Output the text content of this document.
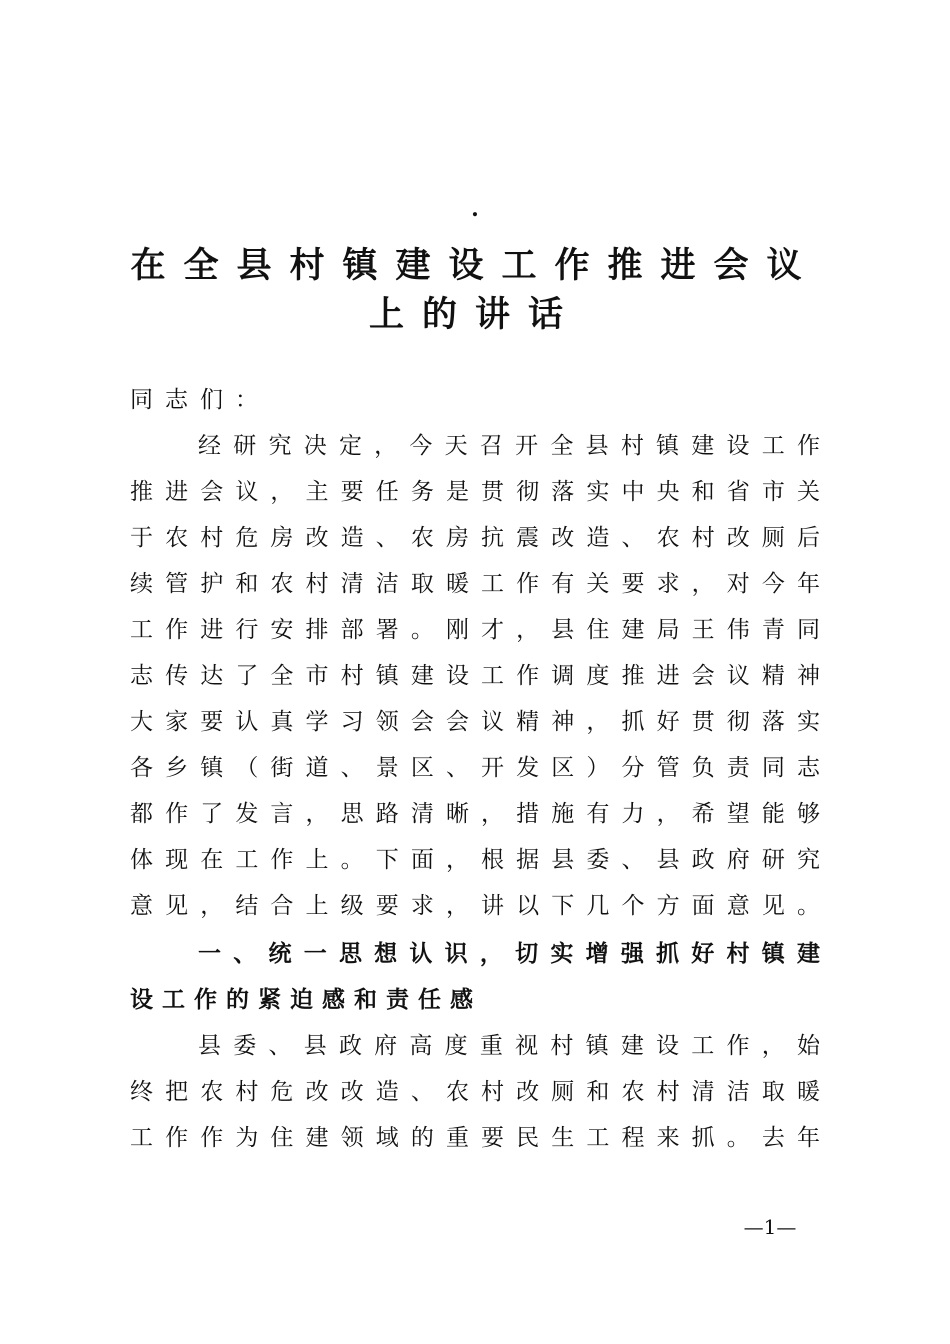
.
在全县村镇建设工作推进会议
上的讲话
同志们：
经研究决定，今天召开全县村镇建设工作
推进会议，主要任务是贯彻落实中央和省市关
于农村危房改造、农房抗震改造、农村改厕后
续管护和农村清洁取暖工作有关要求，对今年
工作进行安排部署。刚才，县住建局王伟青同
志传达了全市村镇建设工作调度推进会议精神
大家要认真学习领会会议精神，抓好贯彻落实
各乡镇（街道、景区、开发区）分管负责同志
都作了发言，思路清晰，措施有力，希望能够
体现在工作上。下面，根据县委、县政府研究
意见，结合上级要求，讲以下几个方面意见。
一、统一思想认识，切实增强抓好村镇建
设工作的紧迫感和责任感
县委、县政府高度重视村镇建设工作，始
终把农村危改改造、农村改厕和农村清洁取暖
工作作为住建领域的重要民生工程来抓。去年
—1—
